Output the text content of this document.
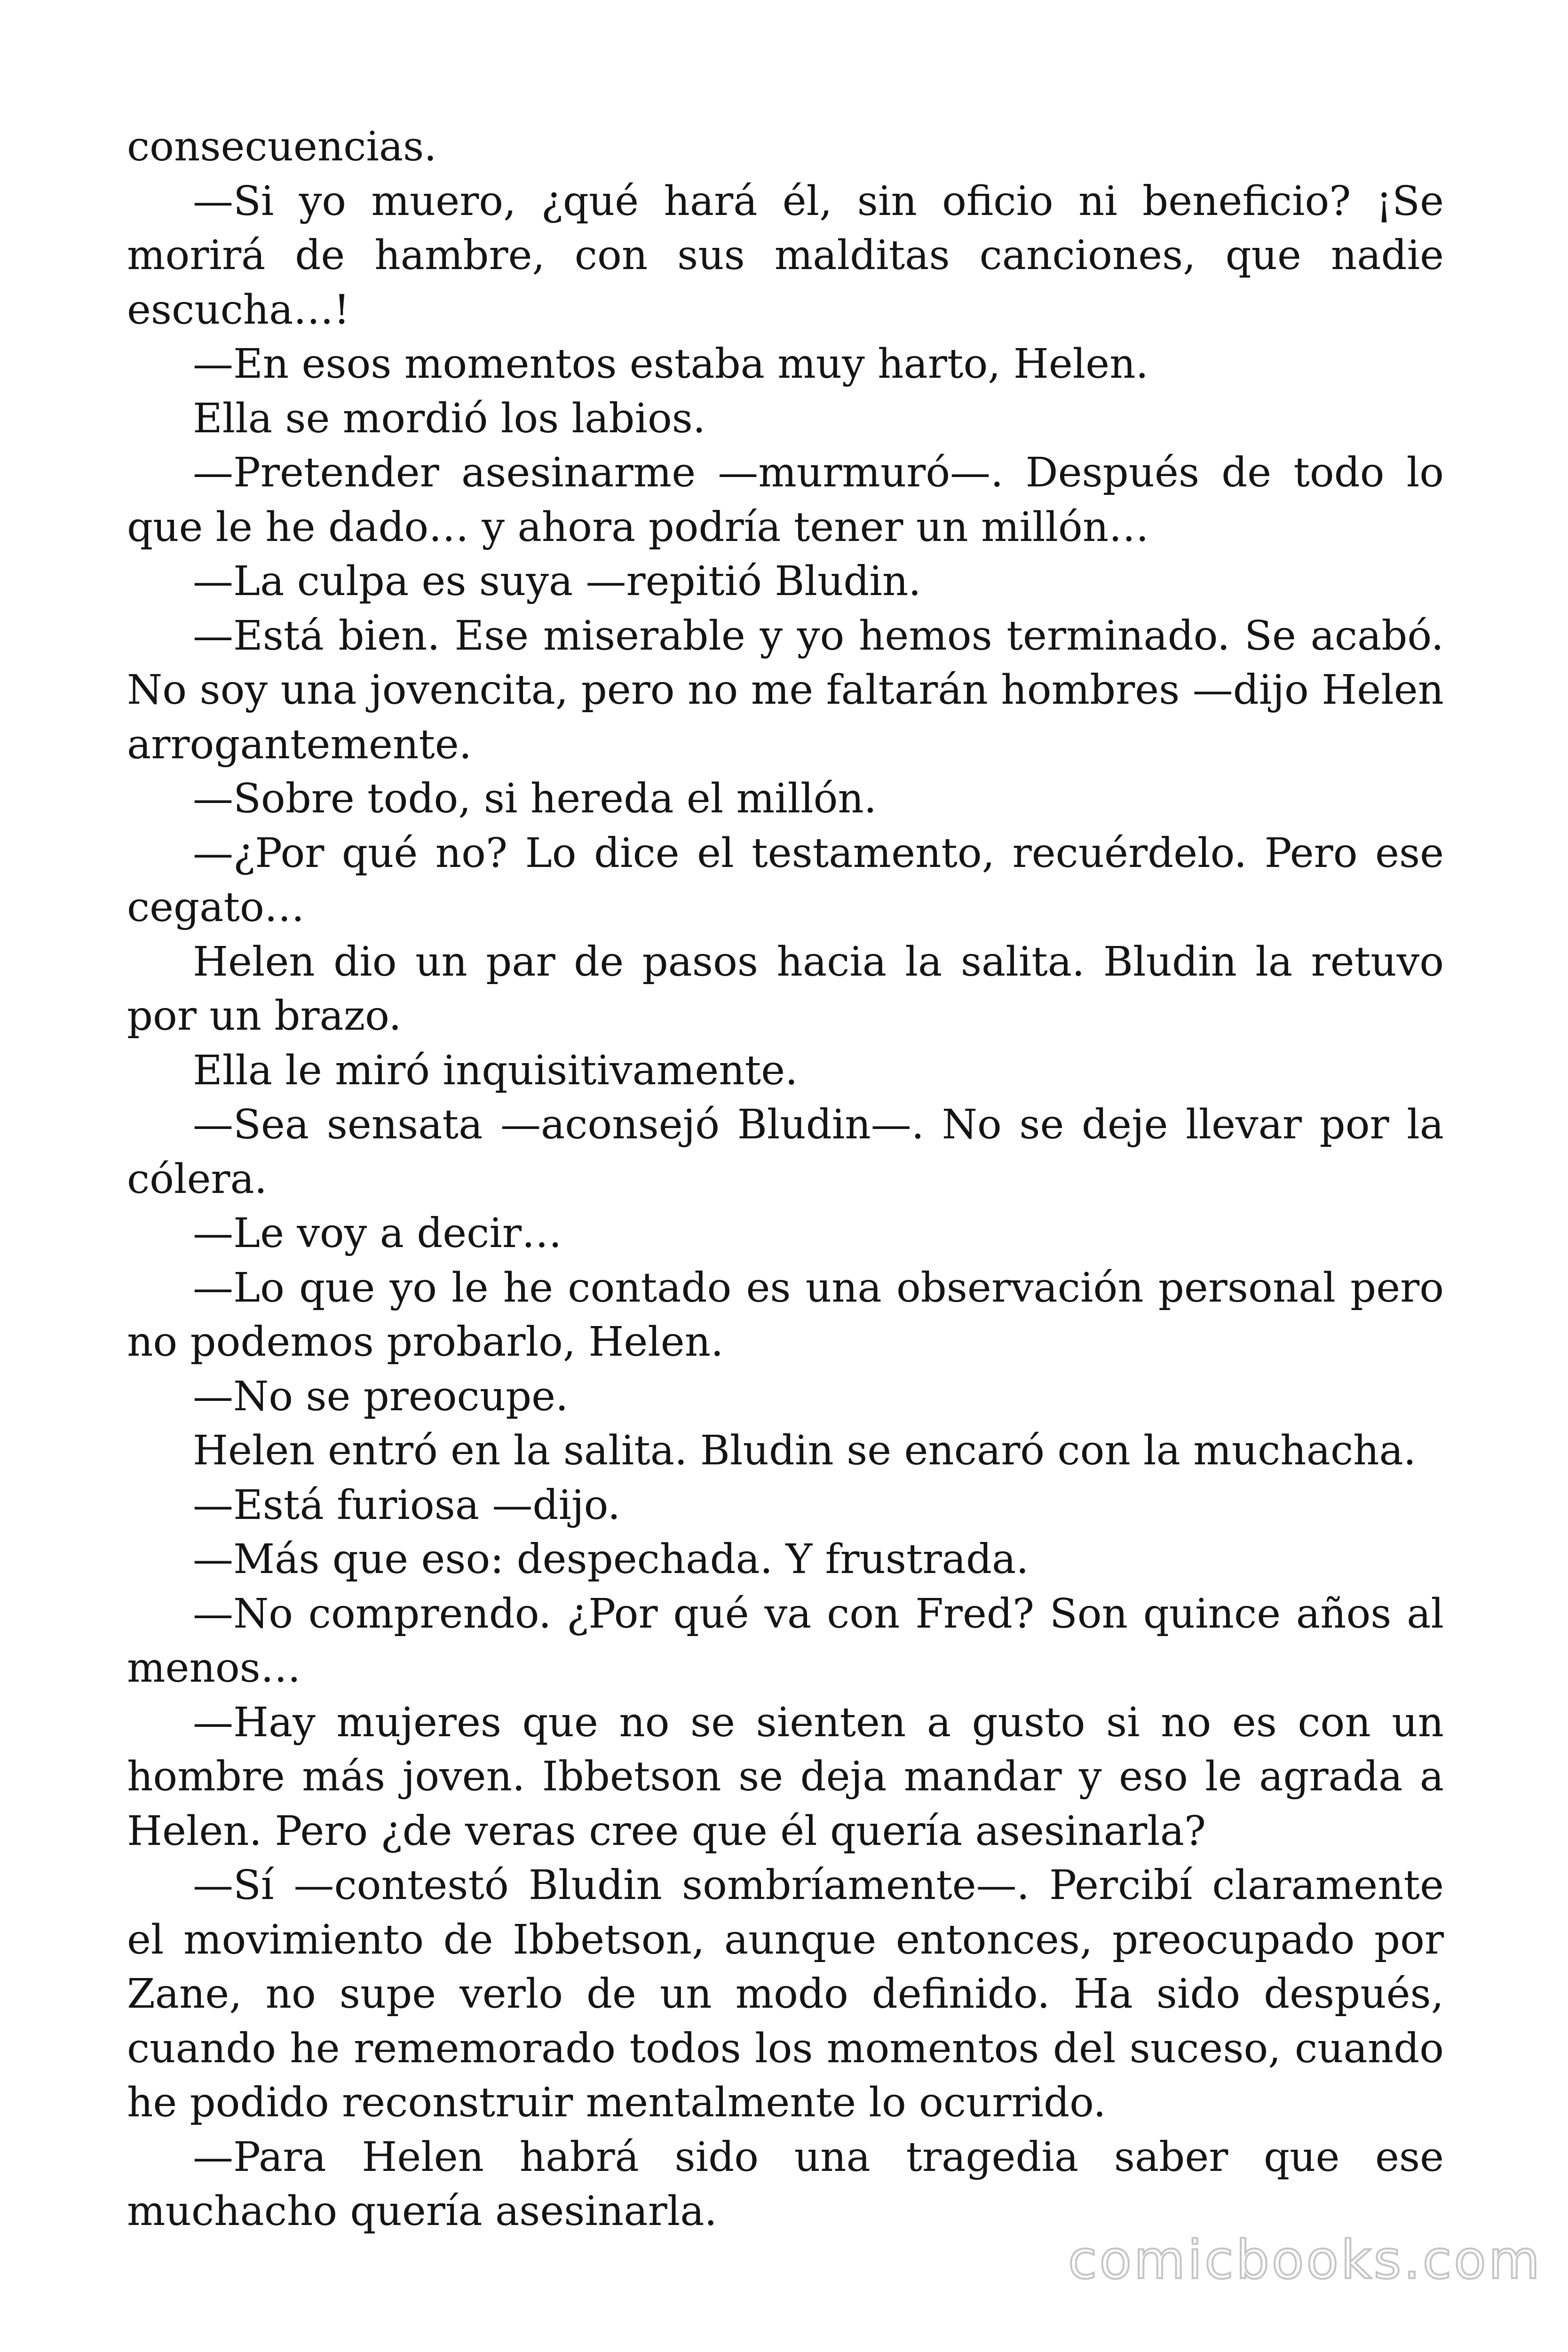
consecuencias.

—Si yo muero, ¿qué hará él, sin oficio ni beneficio? ¡Se morirá de hambre, con sus malditas canciones, que nadie escucha…!

—En esos momentos estaba muy harto, Helen.

Ella se mordió los labios.

—Pretender asesinarme —murmuró—. Después de todo lo que le he dado… y ahora podría tener un millón…

—La culpa es suya —repitió Bludin.

—Está bien. Ese miserable y yo hemos terminado. Se acabó. No soy una jovencita, pero no me faltarán hombres —dijo Helen arrogantemente.

—Sobre todo, si hereda el millón.

—¿Por qué no? Lo dice el testamento, recuérdelo. Pero ese cegato…

Helen dio un par de pasos hacia la salita. Bludin la retuvo por un brazo.

Ella le miró inquisitivamente.

—Sea sensata —aconsejó Bludin—. No se deje llevar por la cólera.

—Le voy a decir…

—Lo que yo le he contado es una observación personal pero no podemos probarlo, Helen.

—No se preocupe.

Helen entró en la salita. Bludin se encaró con la muchacha.

—Está furiosa —dijo.

—Más que eso: despechada. Y frustrada.

—No comprendo. ¿Por qué va con Fred? Son quince años al menos…

—Hay mujeres que no se sienten a gusto si no es con un hombre más joven. Ibbetson se deja mandar y eso le agrada a Helen. Pero ¿de veras cree que él quería asesinarla?

—Sí —contestó Bludin sombríamente—. Percibí claramente el movimiento de Ibbetson, aunque entonces, preocupado por Zane, no supe verlo de un modo definido. Ha sido después, cuando he rememorado todos los momentos del suceso, cuando he podido reconstruir mentalmente lo ocurrido.

—Para Helen habrá sido una tragedia saber que ese muchacho quería asesinarla.

comicbooks.com
